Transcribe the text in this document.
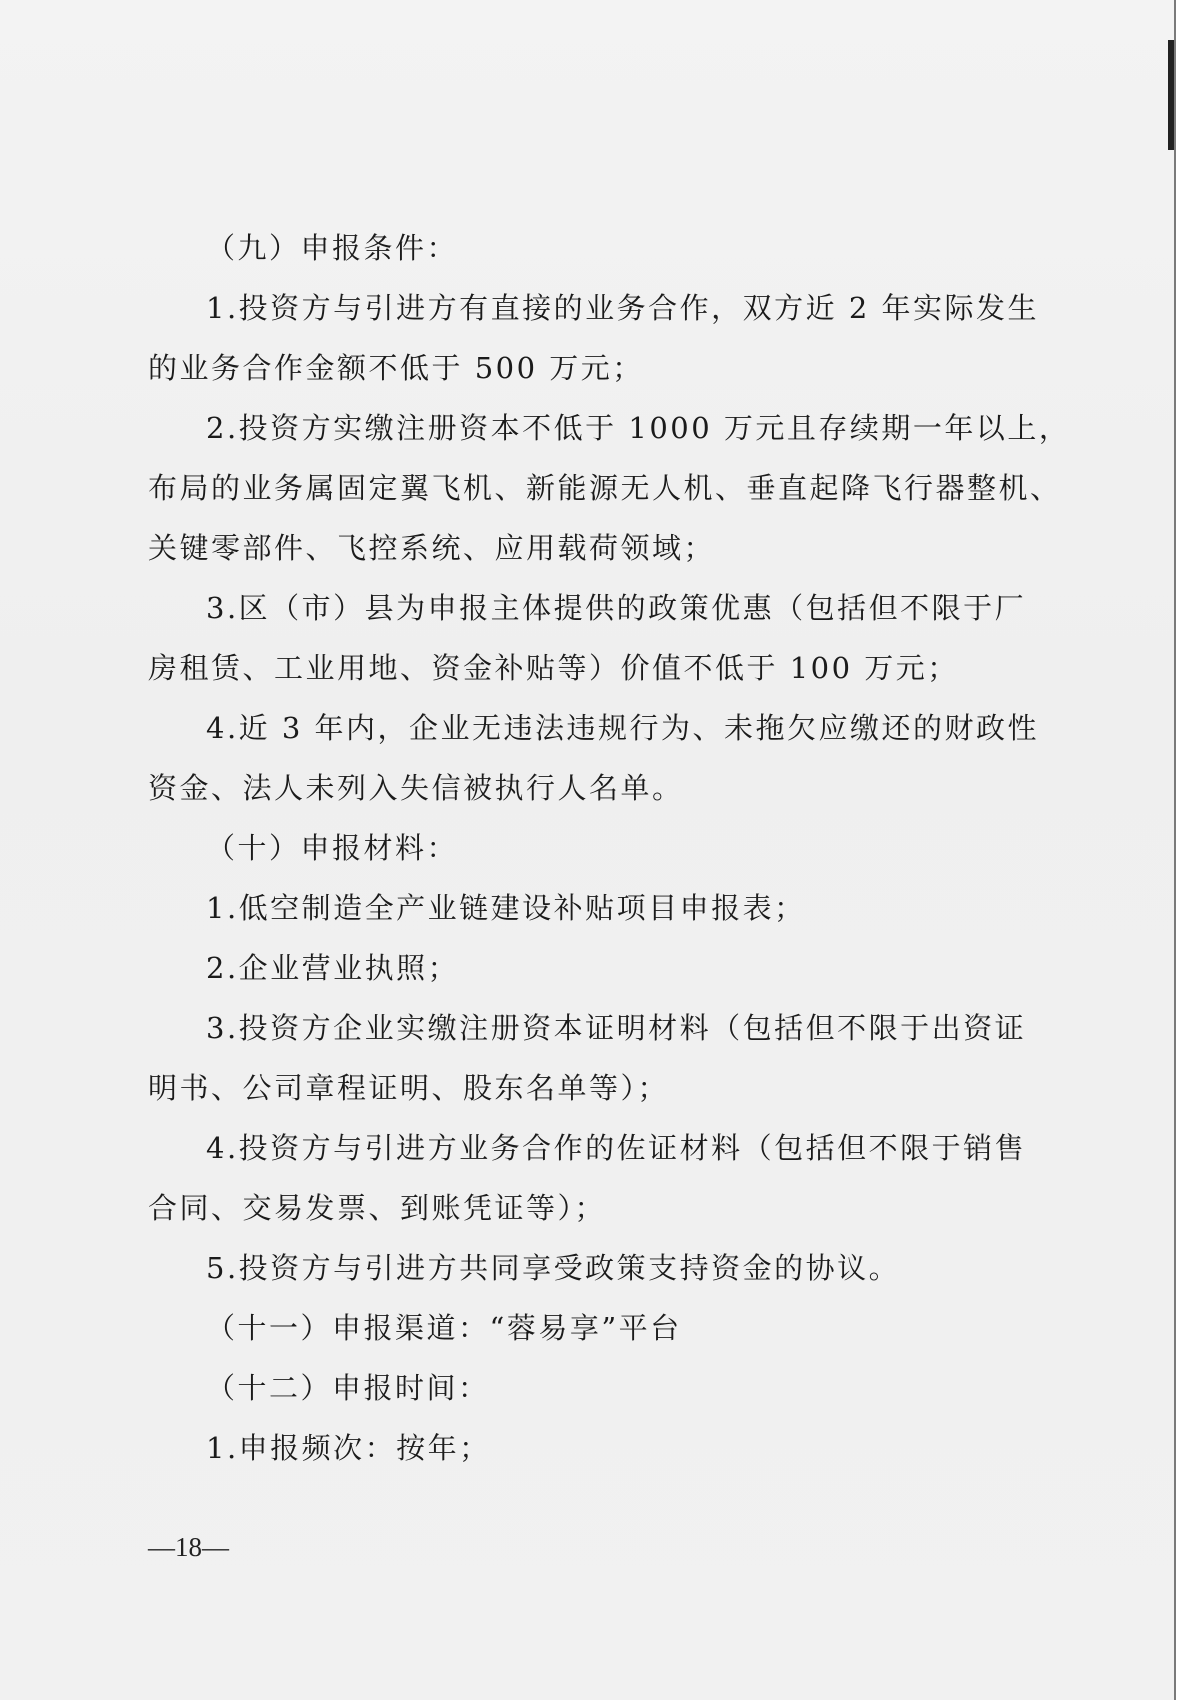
（九）申报条件：
1.投资方与引进方有直接的业务合作，双方近 2 年实际发生
的业务合作金额不低于 500 万元；
2.投资方实缴注册资本不低于 1000 万元且存续期一年以上，
布局的业务属固定翼飞机、新能源无人机、垂直起降飞行器整机、
关键零部件、飞控系统、应用载荷领域；
3.区（市）县为申报主体提供的政策优惠（包括但不限于厂
房租赁、工业用地、资金补贴等）价值不低于 100 万元；
4.近 3 年内，企业无违法违规行为、未拖欠应缴还的财政性
资金、法人未列入失信被执行人名单。
（十）申报材料：
1.低空制造全产业链建设补贴项目申报表；
2.企业营业执照；
3.投资方企业实缴注册资本证明材料（包括但不限于出资证
明书、公司章程证明、股东名单等）；
4.投资方与引进方业务合作的佐证材料（包括但不限于销售
合同、交易发票、到账凭证等）；
5.投资方与引进方共同享受政策支持资金的协议。
（十一）申报渠道：“蓉易享”平台
（十二）申报时间：
1.申报频次：按年；
—18—
